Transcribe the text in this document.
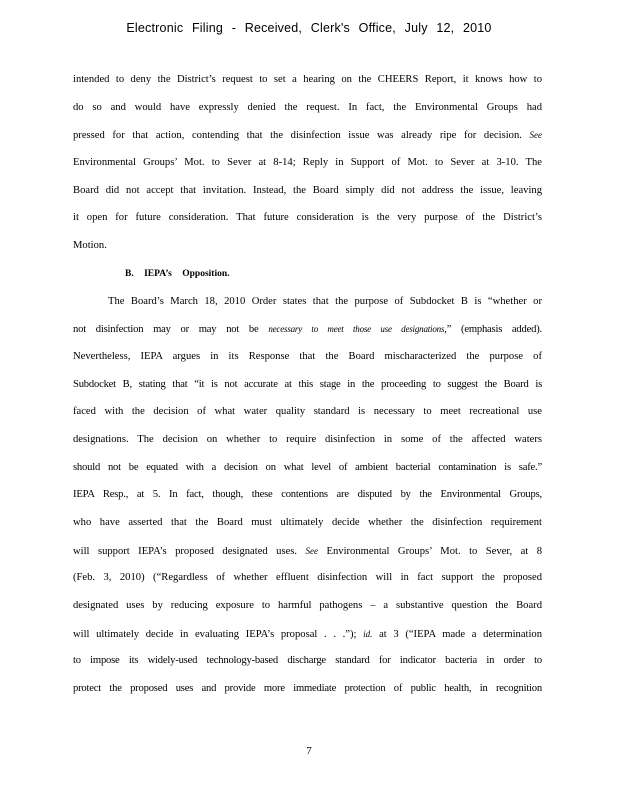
Electronic Filing - Received, Clerk's Office, July 12, 2010
intended to deny the District’s request to set a hearing on the CHEERS Report, it knows how to
do so and would have expressly denied the request. In fact, the Environmental Groups had
pressed for that action, contending that the disinfection issue was already ripe for decision. See
Environmental Groups’ Mot. to Sever at 8-14; Reply in Support of Mot. to Sever at 3-10. The
Board did not accept that invitation. Instead, the Board simply did not address the issue, leaving
it open for future consideration. That future consideration is the very purpose of the District’s
Motion.
B. IEPA’s Opposition.
The Board’s March 18, 2010 Order states that the purpose of Subdocket B is “whether or
not disinfection may or may not be necessary to meet those use designations,” (emphasis added).
Nevertheless, IEPA argues in its Response that the Board mischaracterized the purpose of
Subdocket B, stating that “it is not accurate at this stage in the proceeding to suggest the Board is
faced with the decision of what water quality standard is necessary to meet recreational use
designations. The decision on whether to require disinfection in some of the affected waters
should not be equated with a decision on what level of ambient bacterial contamination is safe.”
IEPA Resp., at 5. In fact, though, these contentions are disputed by the Environmental Groups,
who have asserted that the Board must ultimately decide whether the disinfection requirement
will support IEPA’s proposed designated uses. See Environmental Groups’ Mot. to Sever, at 8
(Feb. 3, 2010) (“Regardless of whether effluent disinfection will in fact support the proposed
designated uses by reducing exposure to harmful pathogens – a substantive question the Board
will ultimately decide in evaluating IEPA’s proposal . . .”); id. at 3 (“IEPA made a determination
to impose its widely-used technology-based discharge standard for indicator bacteria in order to
protect the proposed uses and provide more immediate protection of public health, in recognition
7
